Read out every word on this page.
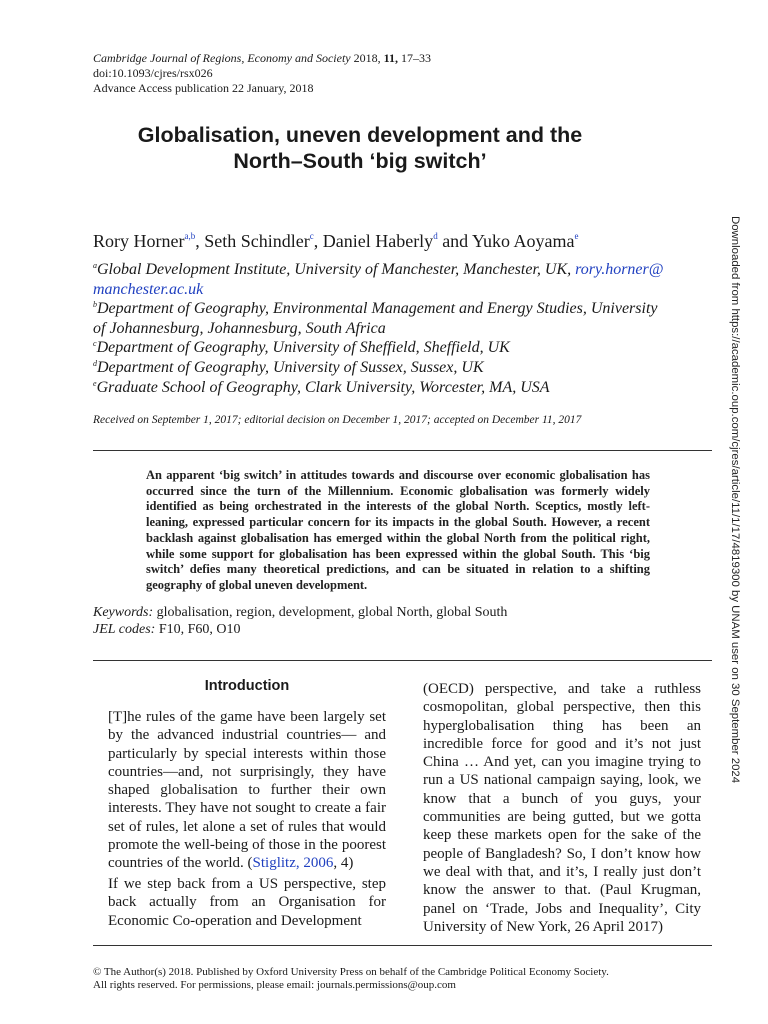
Cambridge Journal of Regions, Economy and Society 2018, 11, 17–33
doi:10.1093/cjres/rsx026
Advance Access publication 22 January, 2018
Globalisation, uneven development and the
North–South ‘big switch’
Rory Horner$^{a,b}$, Seth Schindler$^c$, Daniel Haberly$^d$ and Yuko Aoyama$^e$
$^a$Global Development Institute, University of Manchester, Manchester, UK, rory.horner@
manchester.ac.uk
$^b$Department of Geography, Environmental Management and Energy Studies, University
of Johannesburg, Johannesburg, South Africa
$^c$Department of Geography, University of Sheffield, Sheffield, UK
$^d$Department of Geography, University of Sussex, Sussex, UK
$^e$Graduate School of Geography, Clark University, Worcester, MA, USA
Received on September 1, 2017; editorial decision on December 1, 2017; accepted on December 11, 2017
An apparent ‘big switch’ in attitudes towards and discourse over economic globalisation has occurred since the turn of the Millennium. Economic globalisation was formerly widely identified as being orchestrated in the interests of the global North. Sceptics, mostly left-leaning, expressed particular concern for its impacts in the global South. However, a recent backlash against globalisation has emerged within the global North from the political right, while some support for globalisation has been expressed within the global South. This ‘big switch’ defies many theoretical predictions, and can be situated in relation to a shifting geography of global uneven development.
Keywords: globalisation, region, development, global North, global South
JEL codes: F10, F60, O10
Introduction

[T]he rules of the game have been largely set by the advanced industrial countries— and particularly by special interests within those countries—and, not surprisingly, they have shaped globalisation to further their own interests. They have not sought to create a fair set of rules, let alone a set of rules that would promote the well-being of those in the poorest countries of the world. (Stiglitz, 2006, 4)

If we step back from a US perspective, step back actually from an Organisation for Economic Co-operation and Development
(OECD) perspective, and take a ruthless cosmopolitan, global perspective, then this hyperglobalisation thing has been an incredible force for good and it’s not just China … And yet, can you imagine trying to run a US national campaign saying, look, we know that a bunch of you guys, your communities are being gutted, but we gotta keep these markets open for the sake of the people of Bangladesh? So, I don’t know how we deal with that, and it’s, I really just don’t know the answer to that. (Paul Krugman, panel on ‘Trade, Jobs and Inequality’, City University of New York, 26 April 2017)
© The Author(s) 2018. Published by Oxford University Press on behalf of the Cambridge Political Economy Society.
All rights reserved. For permissions, please email: journals.permissions@oup.com
Downloaded from https://academic.oup.com/cjres/article/11/1/17/4819300 by UNAM user on 30 September 2024
